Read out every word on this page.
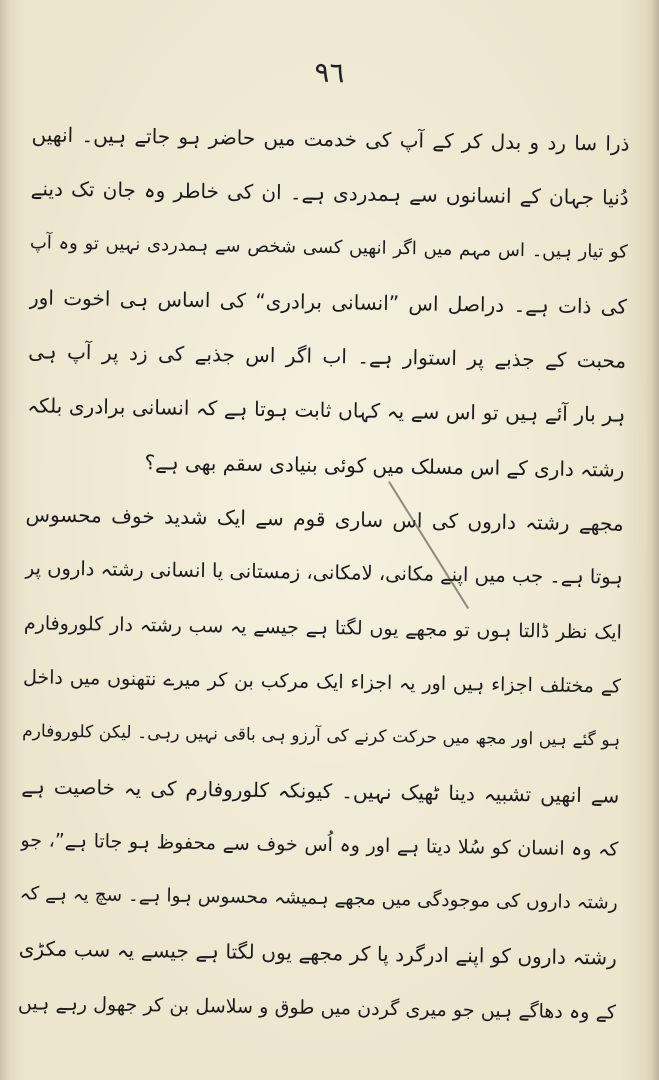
٩٦
ذرا سا رد و بدل کر کے آپ کی خدمت میں حاضر ہو جاتے ہیں۔ انھیں
دُنیا جہان کے انسانوں سے ہمدردی ہے۔ ان کی خاطر وہ جان تک دینے
کو تیار ہیں۔ اس مہم میں اگر انھیں کسی شخص سے ہمدردی نہیں تو وہ آپ
کی ذات ہے۔ دراصل اس ”انسانی برادری“ کی اساس ہی اخوت اور
محبت کے جذبے پر استوار ہے۔ اب اگر اس جذبے کی زد پر آپ ہی
ہر بار آئے ہیں تو اس سے یہ کہاں ثابت ہوتا ہے کہ انسانی برادری بلکہ
رشتہ داری کے اس مسلک میں کوئی بنیادی سقم بھی ہے؟
مجھے رشتہ داروں کی اس ساری قوم سے ایک شدید خوف محسوس
ہوتا ہے۔ جب میں اپنے مکانی، لامکانی، زمستانی یا انسانی رشتہ داروں پر
ایک نظر ڈالتا ہوں تو مجھے یوں لگتا ہے جیسے یہ سب رشتہ دار کلوروفارم
کے مختلف اجزاء ہیں اور یہ اجزاء ایک مرکب بن کر میرے نتھنوں میں داخل
ہو گئے ہیں اور مجھ میں حرکت کرنے کی آرزو ہی باقی نہیں رہی۔ لیکن کلوروفارم
سے انھیں تشبیہ دینا ٹھیک نہیں۔ کیونکہ کلوروفارم کی یہ خاصیت ہے
کہ وہ انسان کو سُلا دیتا ہے اور وہ اُس خوف سے محفوظ ہو جاتا ہے”، جو
رشتہ داروں کی موجودگی میں مجھے ہمیشہ محسوس ہوا ہے۔ سچ یہ ہے کہ
رشتہ داروں کو اپنے ادرگرد پا کر مجھے یوں لگتا ہے جیسے یہ سب مکڑی
کے وہ دھاگے ہیں جو میری گردن میں طوق و سلاسل بن کر جھول رہے ہیں
